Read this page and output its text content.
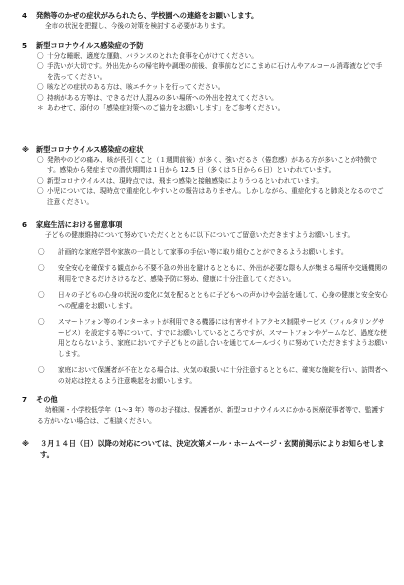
4 発熱等のかぜの症状がみられたら、学校園への連絡をお願いします。

全市の状況を把握し、今後の対策を検討する必要があります。

5 新型コロナウイルス感染症の予防
〇 十分な睡眠、適度な運動、バランスのとれた食事を心がけてください。
〇 手洗いが大切です。外出先からの帰宅時や調理の前後、食事前などにこまめに石けんやアルコール消毒液などで手を洗ってください。
〇 咳などの症状のある方は、咳エチケットを行ってください。
〇 持病がある方等は、できるだけ人混みの多い場所への外出を控えてください。
＊ あわせて、添付の「感染症対策へのご協力をお願いします」をご参考ください。
※ 新型コロナウイルス感染症の症状
〇 発熱やのどの痛み、咳が長引くこと（１週間前後）が多く、強いだるさ（倦怠感）がある方が多いことが特徴です。感染から発症までの潜伏期間は１日から 12.5 日（多くは５日から６日）といわれています。
〇 新型コロナウイルスは、現時点では、飛まつ感染と接触感染によりうつるといわれています。
〇 小児については、現時点で重症化しやすいとの報告はありません。しかしながら、重症化すると肺炎となるのでご注意ください。
6 家庭生活における留意事項

子どもの健康維持について努めていただくとともに以下についてご留意いただきますようお願いします。

〇 計画的な家庭学習や家族の一員として家事の手伝い等に取り組むことができるようお願いします。
〇 安全安心を確保する観点から不要不急の外出を避けるとともに、外出が必要な際も人が集まる場所や交通機関の利用をできるだけさけるなど、感染予防に努め、健康に十分注意してください。
〇 日々の子どもの心身の状況の変化に気を配るとともに子どもへの声かけや会話を通して、心身の健康と安全安心への配慮をお願いします。
〇 スマートフォン等のインターネットが利用できる機器には有害サイトアクセス制限サービス（フィルタリングサービス）を設定する等について、すでにお願いしているところですが、スマートフォンやゲームなど、過度な使用とならないよう、家庭においてテ子どもとの話し合いを通じてルールづくりに努めていただきますようお願いします。
〇 家庭において保護者が不在となる場合は、火気の取扱いに十分注意するとともに、確実な施錠を行い、訪問者への対応は控えるよう注意喚起をお願いします。
7 その他

幼稚園・小学校低学年（1～3 年）等のお子様は、保護者が、新型コロナウイルスにかかる医療従事者等で、監護する方がいない場合は、ご相談ください。

※ ３月１４日（日）以降の対応については、決定次第メール・ホームページ・玄関前掲示によりお知らせします。
